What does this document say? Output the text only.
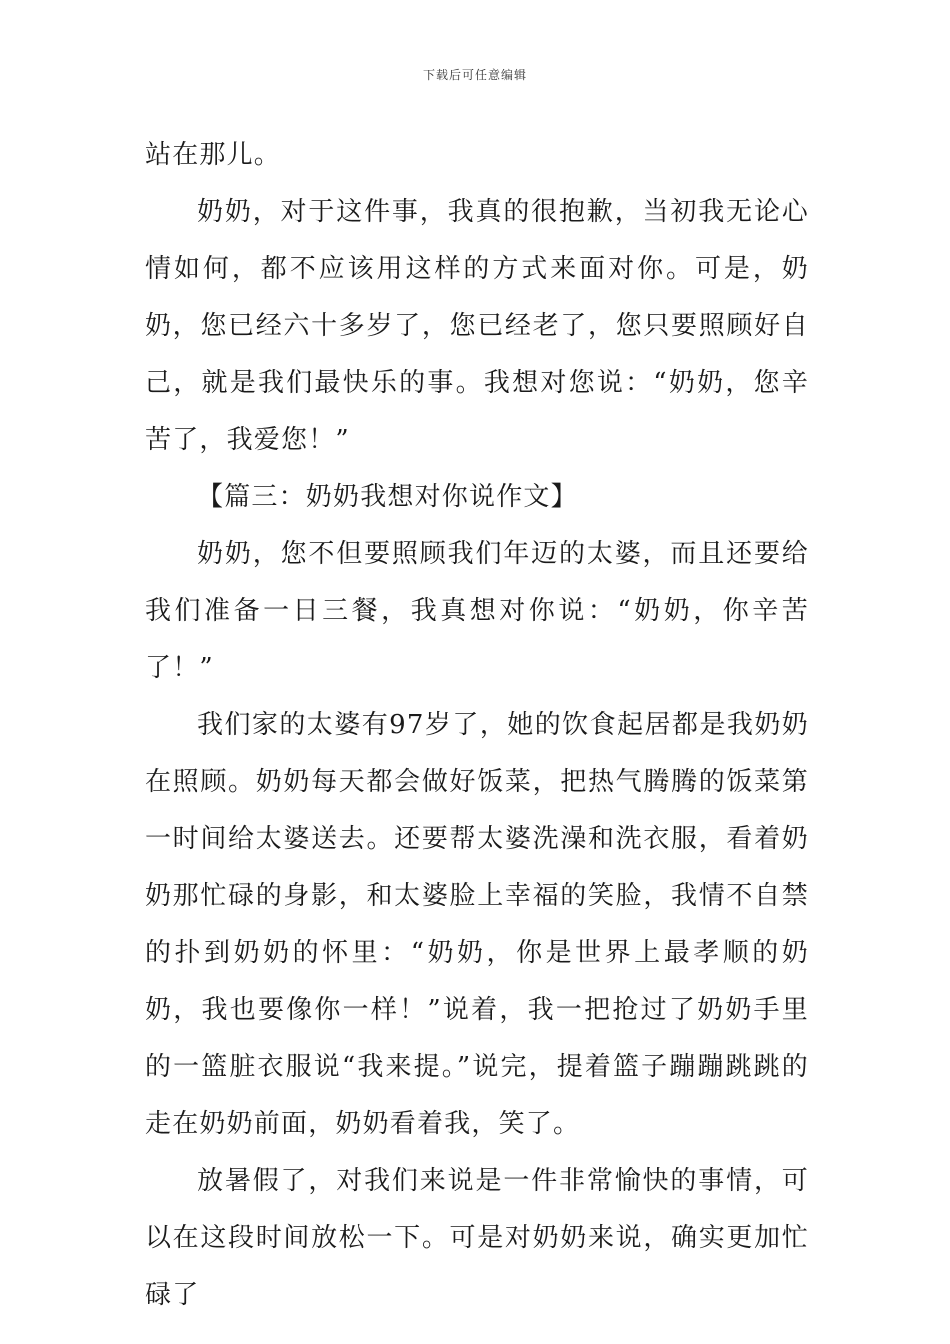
下载后可任意编辑

站在那儿。

奶奶，对于这件事，我真的很抱歉，当初我无论心情如何，都不应该用这样的方式来面对你。可是，奶奶，您已经六十多岁了，您已经老了，您只要照顾好自己，就是我们最快乐的事。我想对您说：“奶奶，您辛苦了，我爱您！”

【篇三：奶奶我想对你说作文】

奶奶，您不但要照顾我们年迈的太婆，而且还要给我们准备一日三餐，我真想对你说：“奶奶，你辛苦了！”

我们家的太婆有97岁了，她的饮食起居都是我奶奶在照顾。奶奶每天都会做好饭菜，把热气腾腾的饭菜第一时间给太婆送去。还要帮太婆洗澡和洗衣服，看着奶奶那忙碌的身影，和太婆脸上幸福的笑脸，我情不自禁的扑到奶奶的怀里：“奶奶，你是世界上最孝顺的奶奶，我也要像你一样！”说着，我一把抢过了奶奶手里的一篮脏衣服说“我来提。”说完，提着篮子蹦蹦跳跳的走在奶奶前面，奶奶看着我，笑了。

放暑假了，对我们来说是一件非常愉快的事情，可以在这段时间放松一下。可是对奶奶来说，确实更加忙碌了
